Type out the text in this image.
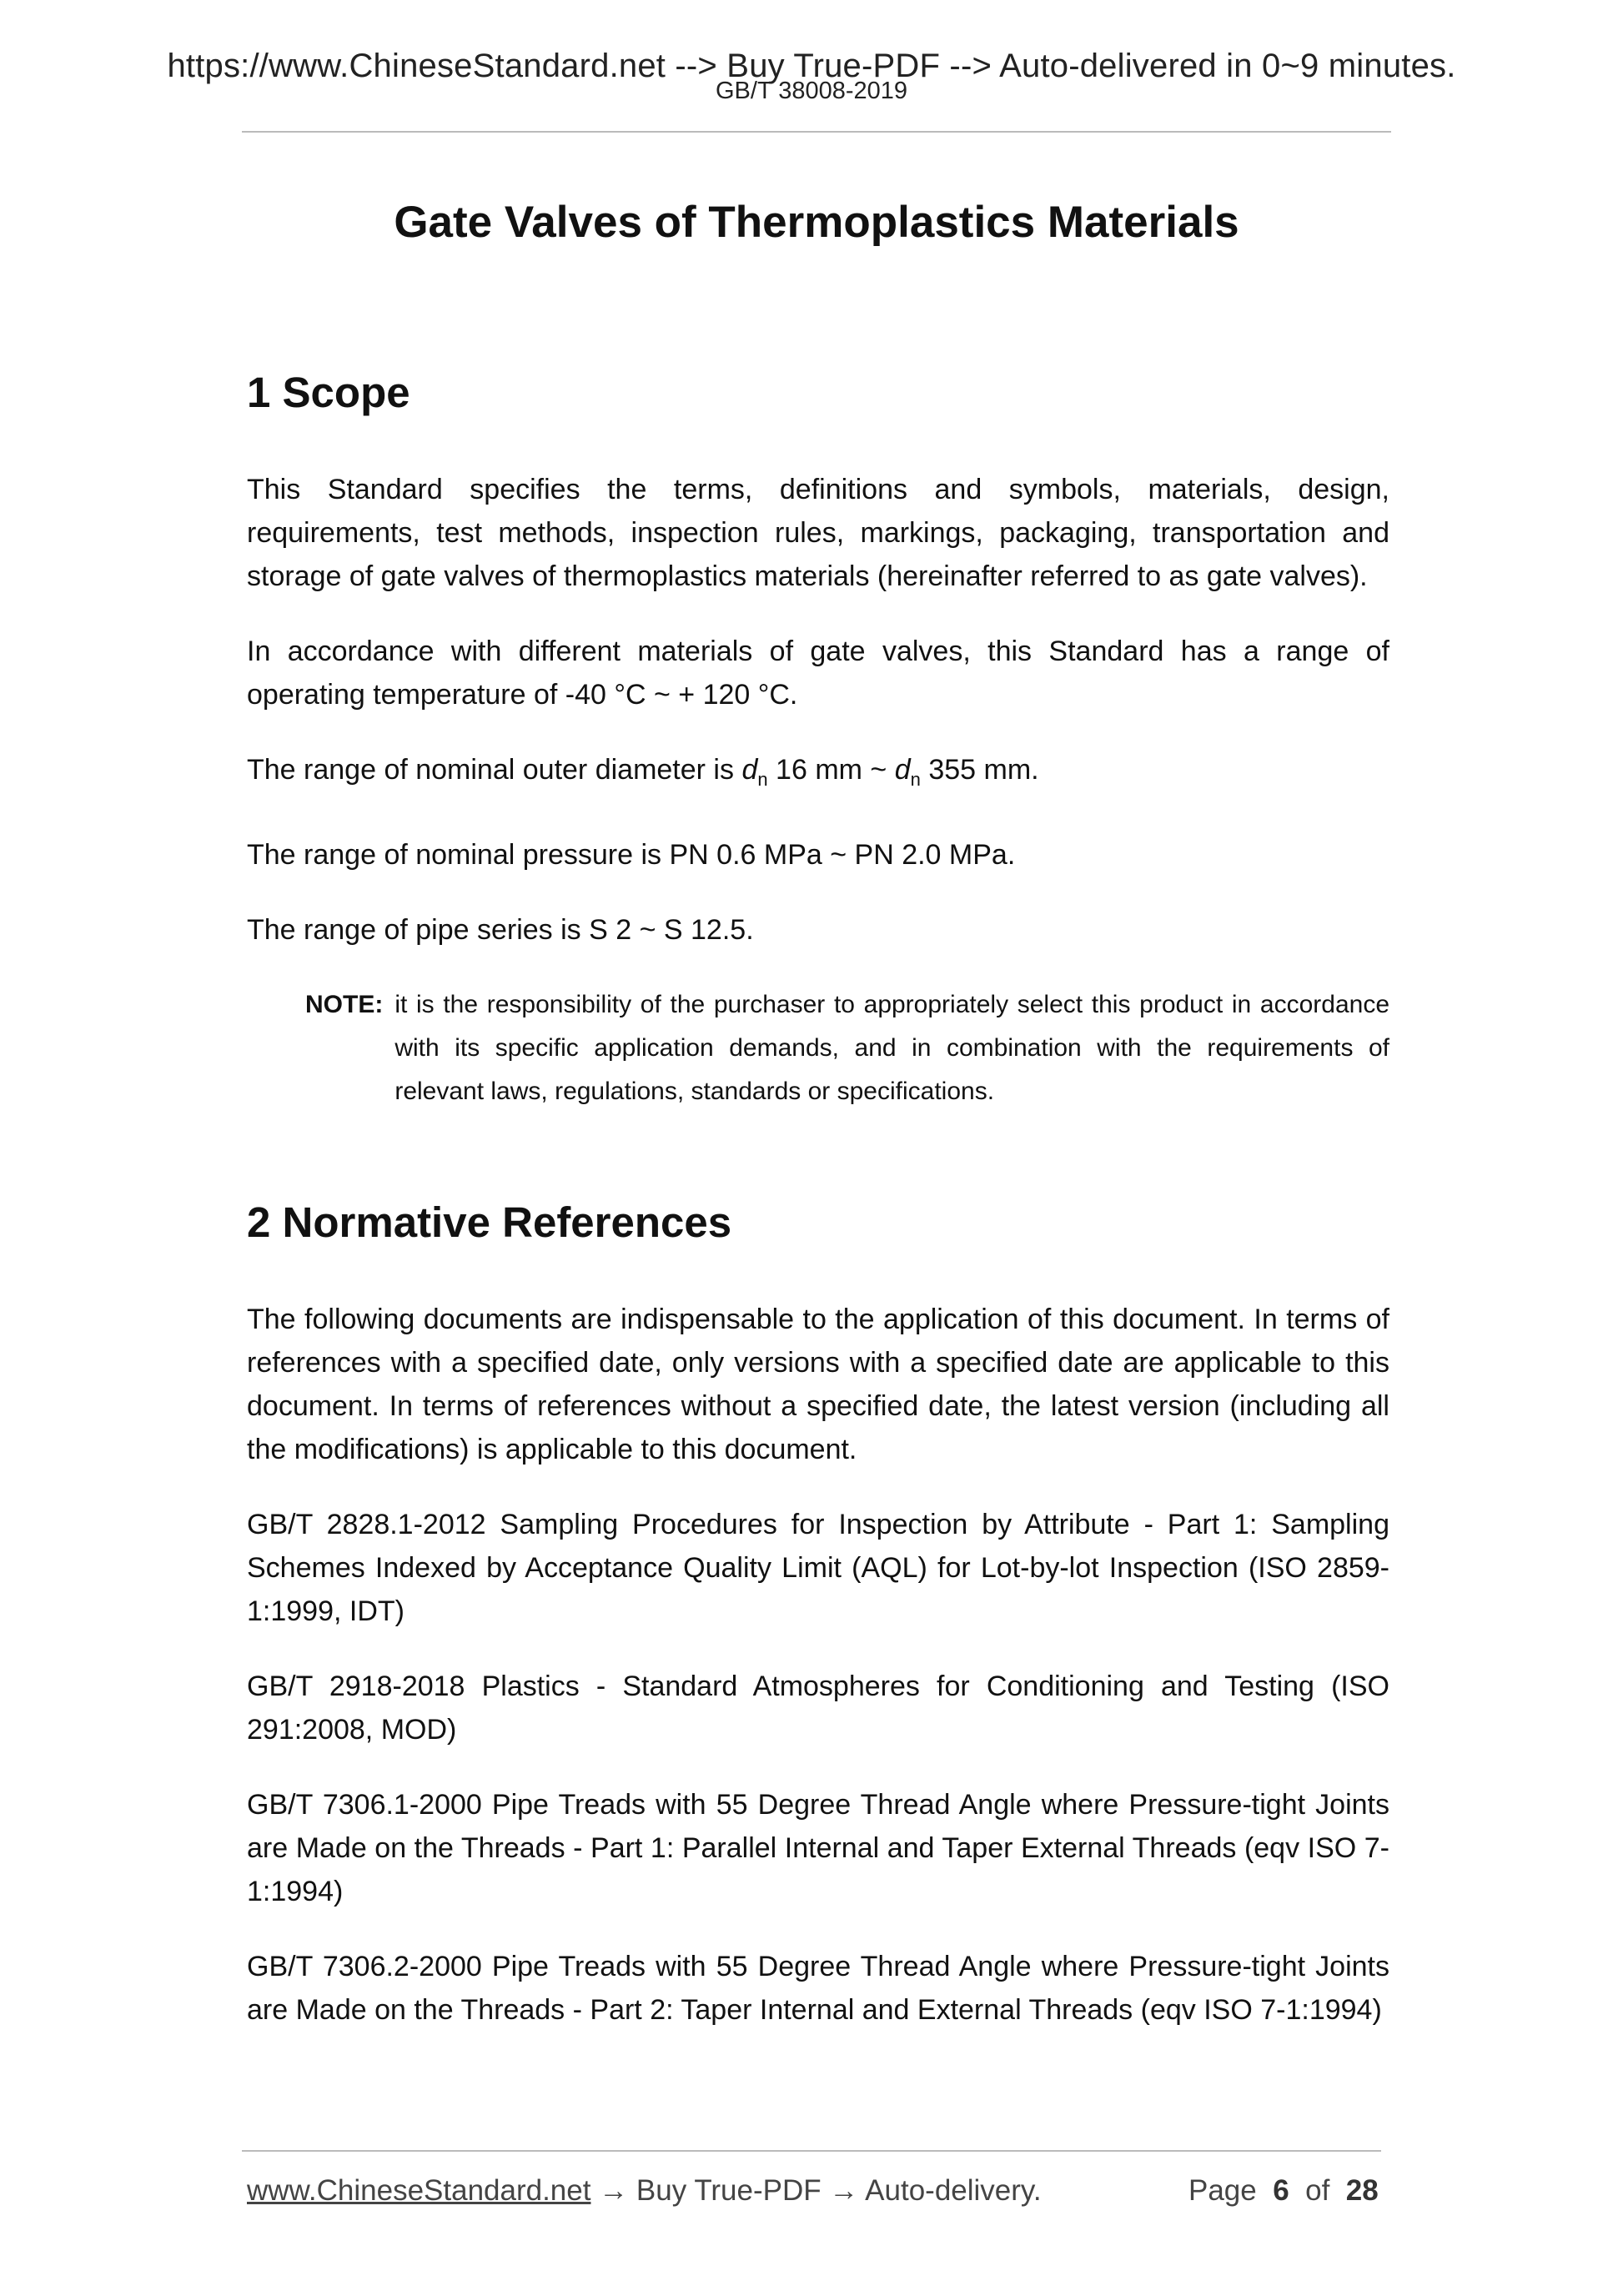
https://www.ChineseStandard.net --> Buy True-PDF --> Auto-delivered in 0~9 minutes.
GB/T 38008-2019
Gate Valves of Thermoplastics Materials
1 Scope

This Standard specifies the terms, definitions and symbols, materials, design, requirements, test methods, inspection rules, markings, packaging, transportation and storage of gate valves of thermoplastics materials (hereinafter referred to as gate valves).

In accordance with different materials of gate valves, this Standard has a range of operating temperature of -40 °C ~ + 120 °C.

The range of nominal outer diameter is $d_n$ 16 mm ~ $d_n$ 355 mm.

The range of nominal pressure is PN 0.6 MPa ~ PN 2.0 MPa.

The range of pipe series is S 2 ~ S 12.5.

NOTE: it is the responsibility of the purchaser to appropriately select this product in accordance with its specific application demands, and in combination with the requirements of relevant laws, regulations, standards or specifications.
2 Normative References

The following documents are indispensable to the application of this document. In terms of references with a specified date, only versions with a specified date are applicable to this document. In terms of references without a specified date, the latest version (including all the modifications) is applicable to this document.

GB/T 2828.1-2012 Sampling Procedures for Inspection by Attribute - Part 1: Sampling Schemes Indexed by Acceptance Quality Limit (AQL) for Lot-by-lot Inspection (ISO 2859-1:1999, IDT)

GB/T 2918-2018 Plastics - Standard Atmospheres for Conditioning and Testing (ISO 291:2008, MOD)

GB/T 7306.1-2000 Pipe Treads with 55 Degree Thread Angle where Pressure-tight Joints are Made on the Threads - Part 1: Parallel Internal and Taper External Threads (eqv ISO 7-1:1994)

GB/T 7306.2-2000 Pipe Treads with 55 Degree Thread Angle where Pressure-tight Joints are Made on the Threads - Part 2: Taper Internal and External Threads (eqv ISO 7-1:1994)

www.ChineseStandard.net → Buy True-PDF → Auto-delivery.	Page 6 of 28
